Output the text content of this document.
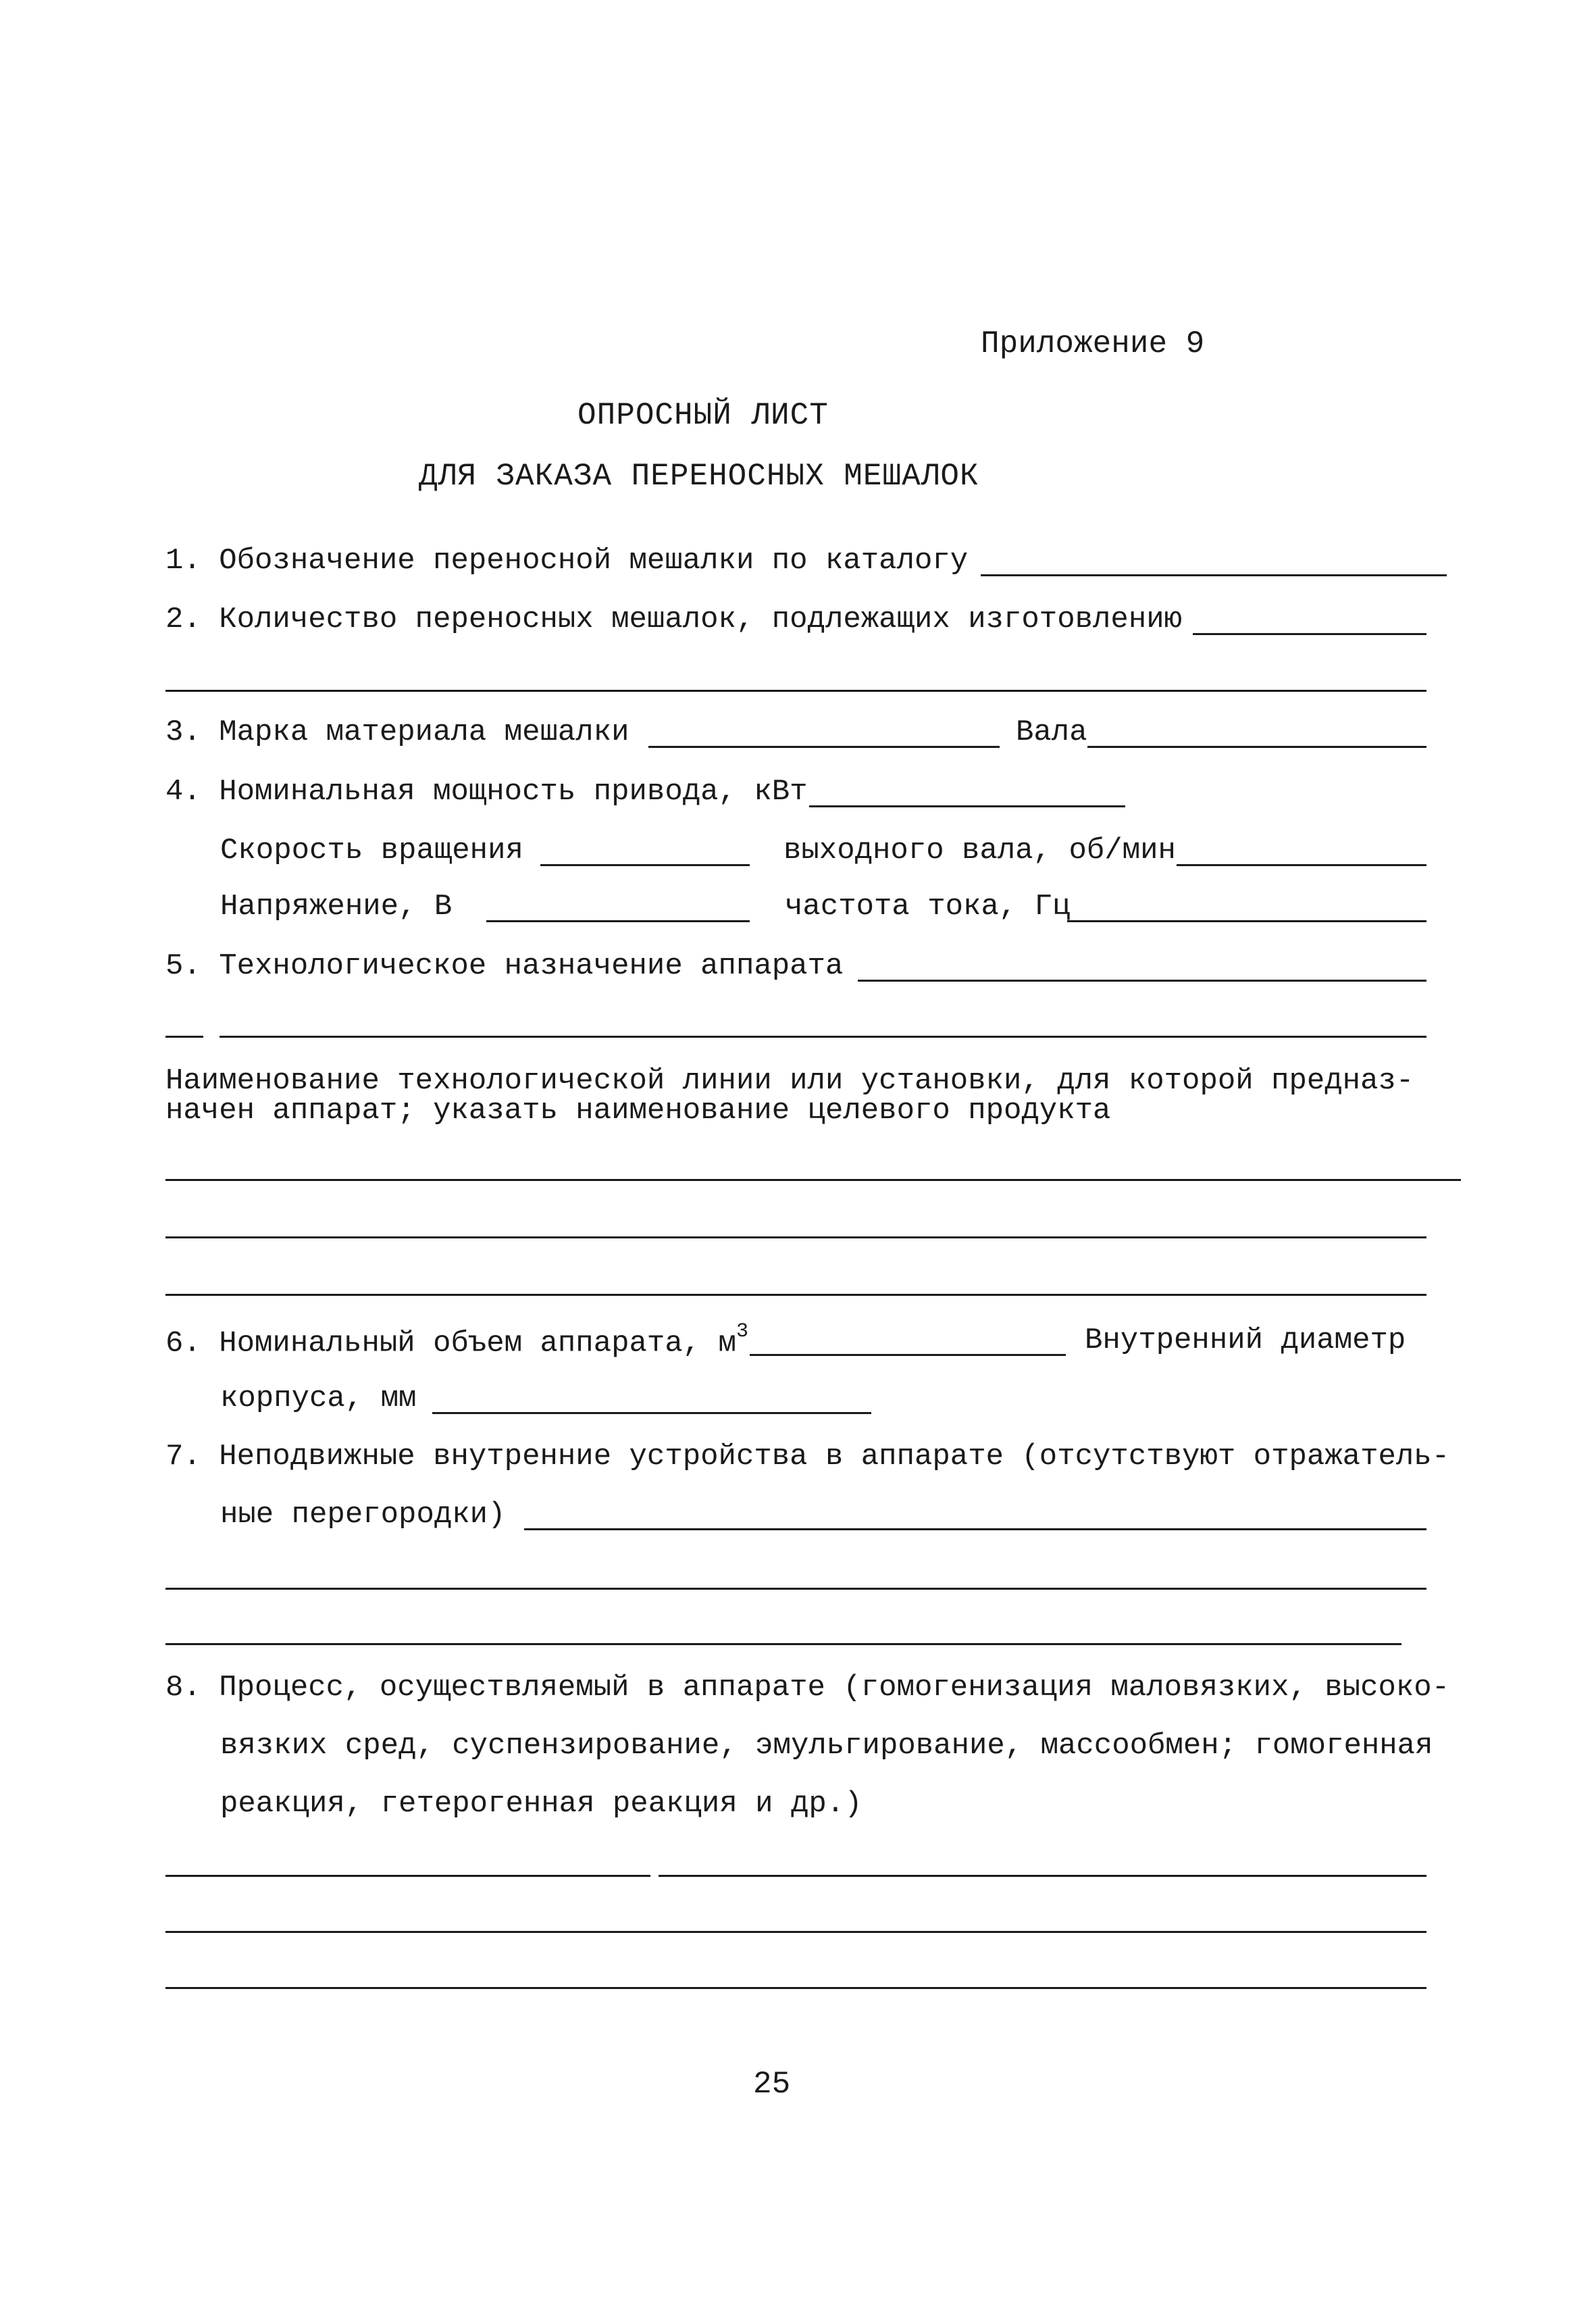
Приложение 9
ОПРОСНЫЙ ЛИСТ
ДЛЯ ЗАКАЗА ПЕРЕНОСНЫХ МЕШАЛОК
1. Обозначение переносной мешалки по каталогу
2. Количество переносных мешалок, подлежащих изготовлению
3. Марка материала мешалки	Вала
4. Номинальная мощность привода, кВт
Скорость вращения	выходного вала, об/мин
Напряжение, В	частота тока, Гц
5. Технологическое назначение аппарата
Наименование технологической линии или установки, для которой предназ-
начен аппарат; указать наименование целевого продукта
6. Номинальный объем аппарата, $м^3$	Внутренний диаметр
корпуса, мм
7. Неподвижные внутренние устройства в аппарате (отсутствуют отражатель-
ные перегородки)
8. Процесс, осуществляемый в аппарате (гомогенизация маловязких, высоко-
вязких сред, суспензирование, эмульгирование, массообмен; гомогенная
реакция, гетерогенная реакция и др.)
25
